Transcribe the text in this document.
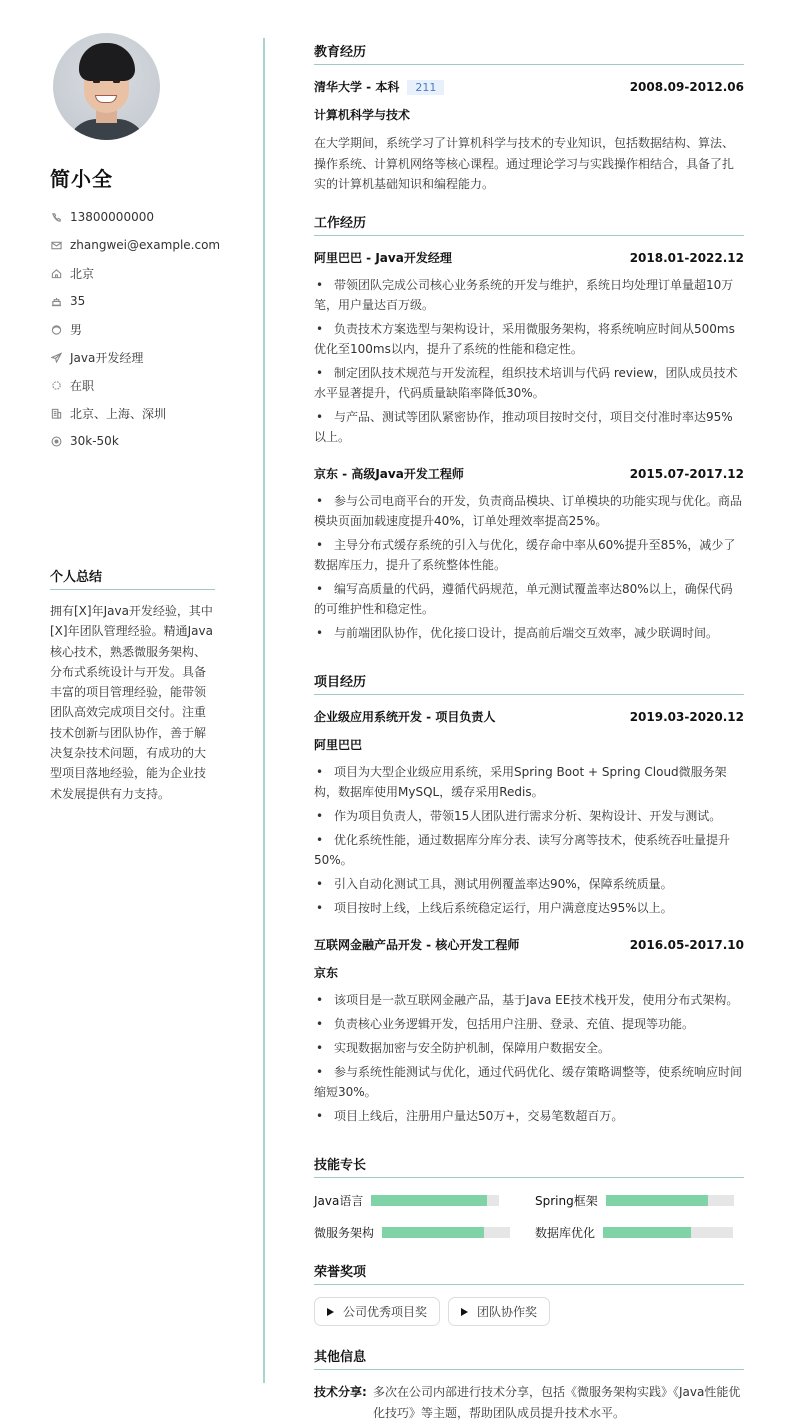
简小全
13800000000
zhangwei@example.com
北京
35
男
Java开发经理
在职
北京、上海、深圳
30k-50k
个人总结
拥有[X]年Java开发经验，其中[X]年团队管理经验。精通Java核心技术，熟悉微服务架构、分布式系统设计与开发。具备丰富的项目管理经验，能带领团队高效完成项目交付。注重技术创新与团队协作，善于解决复杂技术问题，有成功的大型项目落地经验，能为企业技术发展提供有力支持。
教育经历
清华大学 - 本科 211	2008.09-2012.06
计算机科学与技术
在大学期间，系统学习了计算机科学与技术的专业知识，包括数据结构、算法、操作系统、计算机网络等核心课程。通过理论学习与实践操作相结合，具备了扎实的计算机基础知识和编程能力。
工作经历
阿里巴巴 - Java开发经理	2018.01-2022.12
• 带领团队完成公司核心业务系统的开发与维护，系统日均处理订单量超10万笔，用户量达百万级。
• 负责技术方案选型与架构设计，采用微服务架构，将系统响应时间从500ms优化至100ms以内，提升了系统的性能和稳定性。
• 制定团队技术规范与开发流程，组织技术培训与代码 review，团队成员技术水平显著提升，代码质量缺陷率降低30%。
• 与产品、测试等团队紧密协作，推动项目按时交付，项目交付准时率达95%以上。
京东 - 高级Java开发工程师	2015.07-2017.12
• 参与公司电商平台的开发，负责商品模块、订单模块的功能实现与优化。商品模块页面加载速度提升40%，订单处理效率提高25%。
• 主导分布式缓存系统的引入与优化，缓存命中率从60%提升至85%，减少了数据库压力，提升了系统整体性能。
• 编写高质量的代码，遵循代码规范，单元测试覆盖率达80%以上，确保代码的可维护性和稳定性。
• 与前端团队协作，优化接口设计，提高前后端交互效率，减少联调时间。
项目经历
企业级应用系统开发 - 项目负责人	2019.03-2020.12
阿里巴巴
• 项目为大型企业级应用系统，采用Spring Boot + Spring Cloud微服务架构，数据库使用MySQL，缓存采用Redis。
• 作为项目负责人，带领15人团队进行需求分析、架构设计、开发与测试。
• 优化系统性能，通过数据库分库分表、读写分离等技术，使系统吞吐量提升50%。
• 引入自动化测试工具，测试用例覆盖率达90%，保障系统质量。
• 项目按时上线，上线后系统稳定运行，用户满意度达95%以上。
互联网金融产品开发 - 核心开发工程师	2016.05-2017.10
京东
• 该项目是一款互联网金融产品，基于Java EE技术栈开发，使用分布式架构。
• 负责核心业务逻辑开发，包括用户注册、登录、充值、提现等功能。
• 实现数据加密与安全防护机制，保障用户数据安全。
• 参与系统性能测试与优化，通过代码优化、缓存策略调整等，使系统响应时间缩短30%。
• 项目上线后，注册用户量达50万+，交易笔数超百万。
技能专长
Java语言	Spring框架
微服务架构	数据库优化
荣誉奖项
公司优秀项目奖	团队协作奖
其他信息
技术分享: 多次在公司内部进行技术分享，包括《微服务架构实践》《Java性能优化技巧》等主题，帮助团队成员提升技术水平。
